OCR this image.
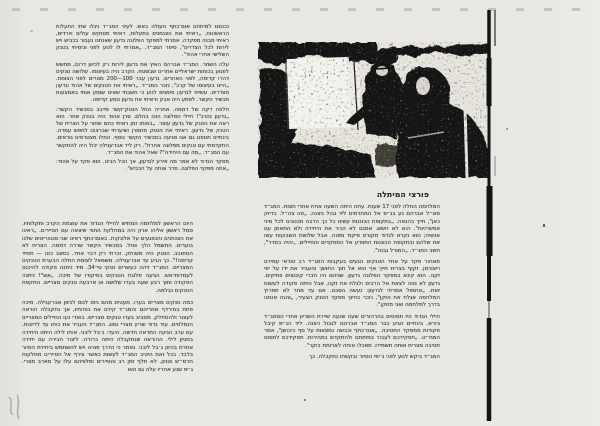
נכנסנו למיתחם אום־כתף העולה באש. לעיני המג״ד ניגלו שתי התעלות הראשונות. „ראיתי את הצנחנים בתעלות, ראיתי מסוקים עולים ויורדים, ראיתי מבנה מפקדה. אמרתי למפקד הפלוגה גדעון שאנחנו נעבור בכביש ויש לירות לכל הצדדים", סיפר המג״ד. „אמרתי לו לנוע לפני וכיסיתי בטנק השלישי אחרי אהוד".

עלה השחר. המג״ד אברהם האיץ את גדעון לירות רק לכיוון דרום, מחשש לפגוע בכוחות ישראליים אחרים שבשטח. הקרב היה בעיצומו. שלושה טנקים דהרו קדימה, לפני האחרים. גדעון עבר 100—200 מטרים לפני הצומת. „היינו בעיצומו של קרב", נזכר המג״ד. „ראיתי את הטנקים של אהוד וגדעון מצדדים. עשיתי לגדעון סימנים לנוע כי חשבתי שאינו שומע אותי באמצעות מכשיר הקשר. לפתע היה אבק וראיתי את גדעון נוסע קדימה.

חלפה דקה של דממה. אחריה החל הטנק־קשר מייבב במכשיר הקשר: „גדעון נהרג"! חיילי הפלוגה הוכו בהלם. סרן אהוד היה בטנק אחר. הוא ראה את הטנק של גדעון עוצר. „באותו זמן ראיתי כתם שחור על הצריח של הטנק של גדעון. ראיתי את הטנק מתמרן ושיערתי שברצונו לחפש עמדה. בינתיים חטפנו גם אנו פגיעה במכשיר הקשר נוסף. החלו מצטרפים גוראים. התקדמתי עם טנקים מפלוגה אחרת". רק ליד אבו־עגילה יכול היה להתקשר עם המג״ד. „מה עם היחידה"? שאל אהוד את המג״ד.

מפקד הגדוד לא אמר מה אירע לגדעון, אך הכל הבינו. הוא פקד על אהוד: „אתה מפקד הפלוגה. סדר אותה על הכביש".

פורצי המיתלה

המלחמה החלה לפני 17 שעות. עתה היתה השעה אחת אחרי חצות. המג״ד סא״ל אברהם נע בג׳יפ אל המתרסים ליד גבול ניצנה. „זהו צה״ל. בדיוק כאן", חייך בהנאה. „בתקופת הכוננות עשינו כל כך הרבה תכנונים לכל מיני אפשרויות". הוא לא חשש. אמנם לא הכיר את היחידה ולא התאמן עם אנשיה; הוא נקרא לגדוד מקורס פיקוד ומטה. אבל שלושת השבועות עשו את שלהם ובתקופת הכוננות התוודע אל המפקדים והחיילים. „יהיה בסדר", חשב המג״ד. „המורל גבוה".

מאחור פקד על אחד הטנקים הנעים בעקבות המג״ד רב טוראי עמירם וייצורמן. זקוף בצריח חייך אף הוא אל תוך החושך והעביר את ידו על יפי זקנו. הוא קינא במפקד הפלוגה גדעון. שניהם היו חברי קיבוצים וותיקים. גדעון לא נטה לצאת אל הרבים ולגלח את זקנו, אבל היתה פקודה לעשות זאת. „אתמול אמרתי לגדעון: נעשה הסכם. אם עד מחר לא תפרוץ המלחמה אגלח את הזקן", נזכר בחיוך מפקד הטנק הצעיר, „והנה אנחנו בדרך למלחמה ואני מזוקן".

חיילי הגדוד היו תפוסים בהרהורים שעה שנעה שיירת השריון אחרי הסמג״ד גיורא. בינתיים הגיע כבר המג״ד אברהם לגבול ניצנה. ליד הג׳יפ קיבל פקודות ממפקד החטיבה. „אום־כתף וכבשה נמצאות על סף כיבושן", אמר המח״ט. „תפקידכם לעבור במיתחם ולהתקדם במהירות. תפקידכם לחסום חטיבה מצרית אותה תשמידו. תאכלו אותה לארוחת בוקר".

המג״ד ביקש לנוע לפני ג׳יפי הסיור ובקשתו נתקבלה. כך

היום הראשון למלחמה המתיש לחיילי הגדוד את עוצמת הקרב ותקלותיו. סמל ראשון אליהו ארון היה במחלקת החוד שיצאה עם הסיירים. „ראינו את הצנחנים והנפגעים על אלונקות. באום־כתף ראינו שני סנטוריונים שלנו בוערים. החשמל הלך ואזל. במכשיר הקשר שררה דממה. הצריח לא הסתובב. הטנק היה משותק. זכרתי רק דבר אחד. במצב כזה — תמיד קדימה!". כך הגיע עד אבו־עגילה. משמאל לצומת החלה הבערת הטנקים המצריים. המג״ד זיהה כעשרים טנקי טי־34. מיד ניתנה פקודה להיכנס לעמדות־אש. הגיעה פלוגת הטנקים בפיקודו של מיכה. „אש"! ניתנה הפקודה ותוך רבע שעה בערו שלושה או ארבעה טנקים מצריים. התקפת הטנקים נבלמה.

כמה טנקים מצריים בערו. מעטים מהם ניסו לנוס לכיוון אבו־עגילה. מיכה פתח במירדף אחריהם והמג״ד קידם את כוחותיו, אך נתקבלה הוראה לעצור ולהסתלק. מסביב בערו טנקים מצריים. בואדי נעו החיילים המצריים הנמלטים. עוד גדוד שריון מצרי נסוג. המג״ד העביר את כוחו עד לדיונות. עם ערב הגיעה התראה חדשה. היעד: ג׳בל ליבני. אותו לילה היתה היחידה בחניון לילי. ההוראה שנתקבלה היתה ברורה: ליצור חבירה עם יחידה אחרת בכיוון ג׳בל ליבני. נאמר כי הדרך פנויה ויש להשתמש ביחידת הסיור בלבד. בכל זאת היטיב המג״ד לעשות כאשר צירף אל הסיירים מחלקות חרמ״ש וטנק. לא חלף זמן רב והסיירים ומלוויהם עלו על מארב מצרי. ג׳יפ שנע אחריו עלה גם הוא
